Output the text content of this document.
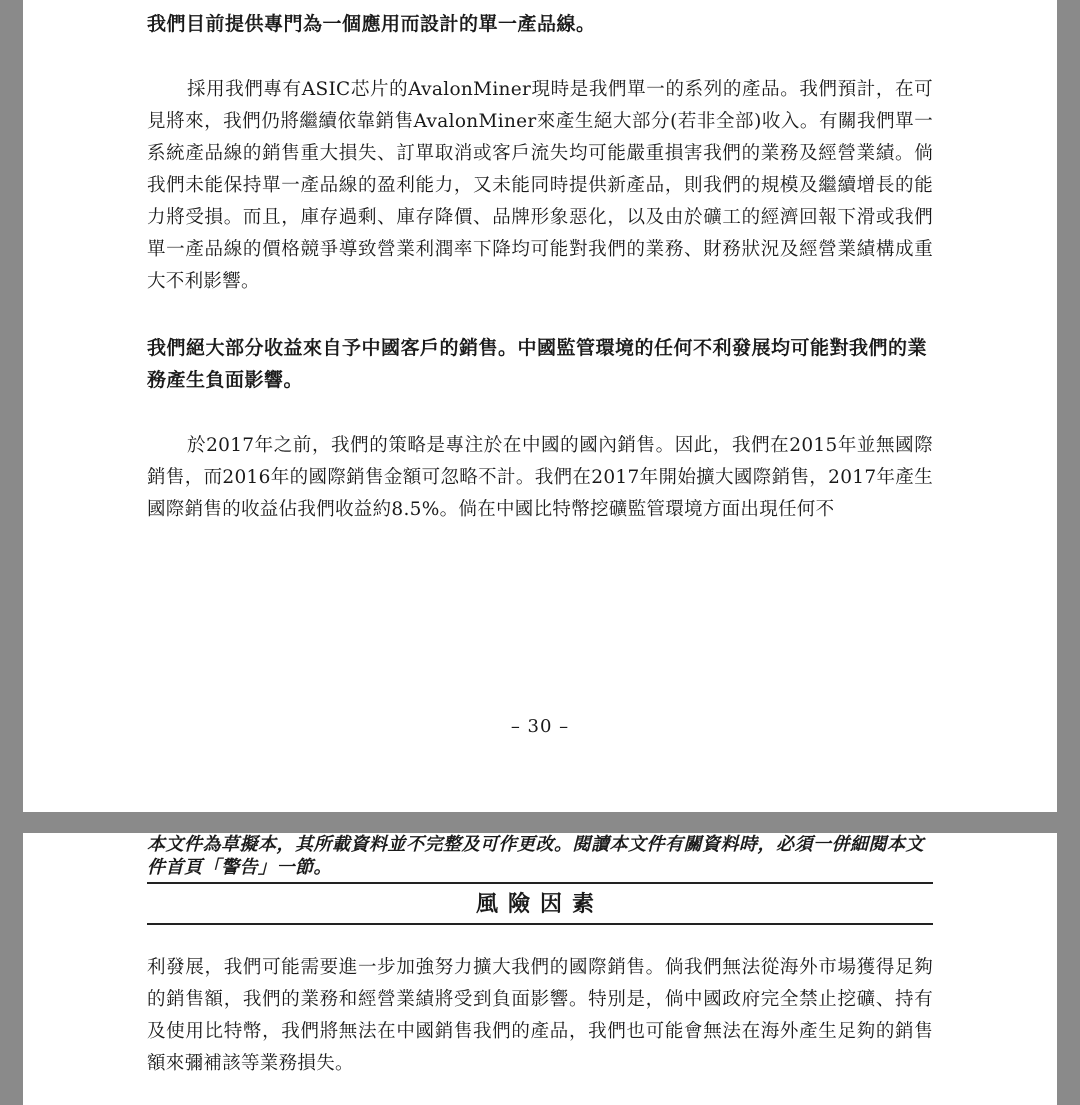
我們目前提供專門為一個應用而設計的單一產品線。

採用我們專有ASIC芯片的AvalonMiner現時是我們單一的系列的產品。我們預計，在可見將來，我們仍將繼續依靠銷售AvalonMiner來產生絕大部分(若非全部)收入。有關我們單一系統產品線的銷售重大損失、訂單取消或客戶流失均可能嚴重損害我們的業務及經營業績。倘我們未能保持單一產品線的盈利能力，又未能同時提供新產品，則我們的規模及繼續增長的能力將受損。而且，庫存過剩、庫存降價、品牌形象惡化，以及由於礦工的經濟回報下滑或我們單一產品線的價格競爭導致營業利潤率下降均可能對我們的業務、財務狀況及經營業績構成重大不利影響。

我們絕大部分收益來自予中國客戶的銷售。中國監管環境的任何不利發展均可能對我們的業務產生負面影響。

於2017年之前，我們的策略是專注於在中國的國內銷售。因此，我們在2015年並無國際銷售，而2016年的國際銷售金額可忽略不計。我們在2017年開始擴大國際銷售，2017年產生國際銷售的收益佔我們收益約8.5%。倘在中國比特幣挖礦監管環境方面出現任何不

– 30 –

本文件為草擬本，其所載資料並不完整及可作更改。閱讀本文件有關資料時，必須一併細閱本文件首頁「警告」一節。

風險因素

利發展，我們可能需要進一步加強努力擴大我們的國際銷售。倘我們無法從海外市場獲得足夠的銷售額，我們的業務和經營業績將受到負面影響。特別是，倘中國政府完全禁止挖礦、持有及使用比特幣，我們將無法在中國銷售我們的產品，我們也可能會無法在海外產生足夠的銷售額來彌補該等業務損失。
